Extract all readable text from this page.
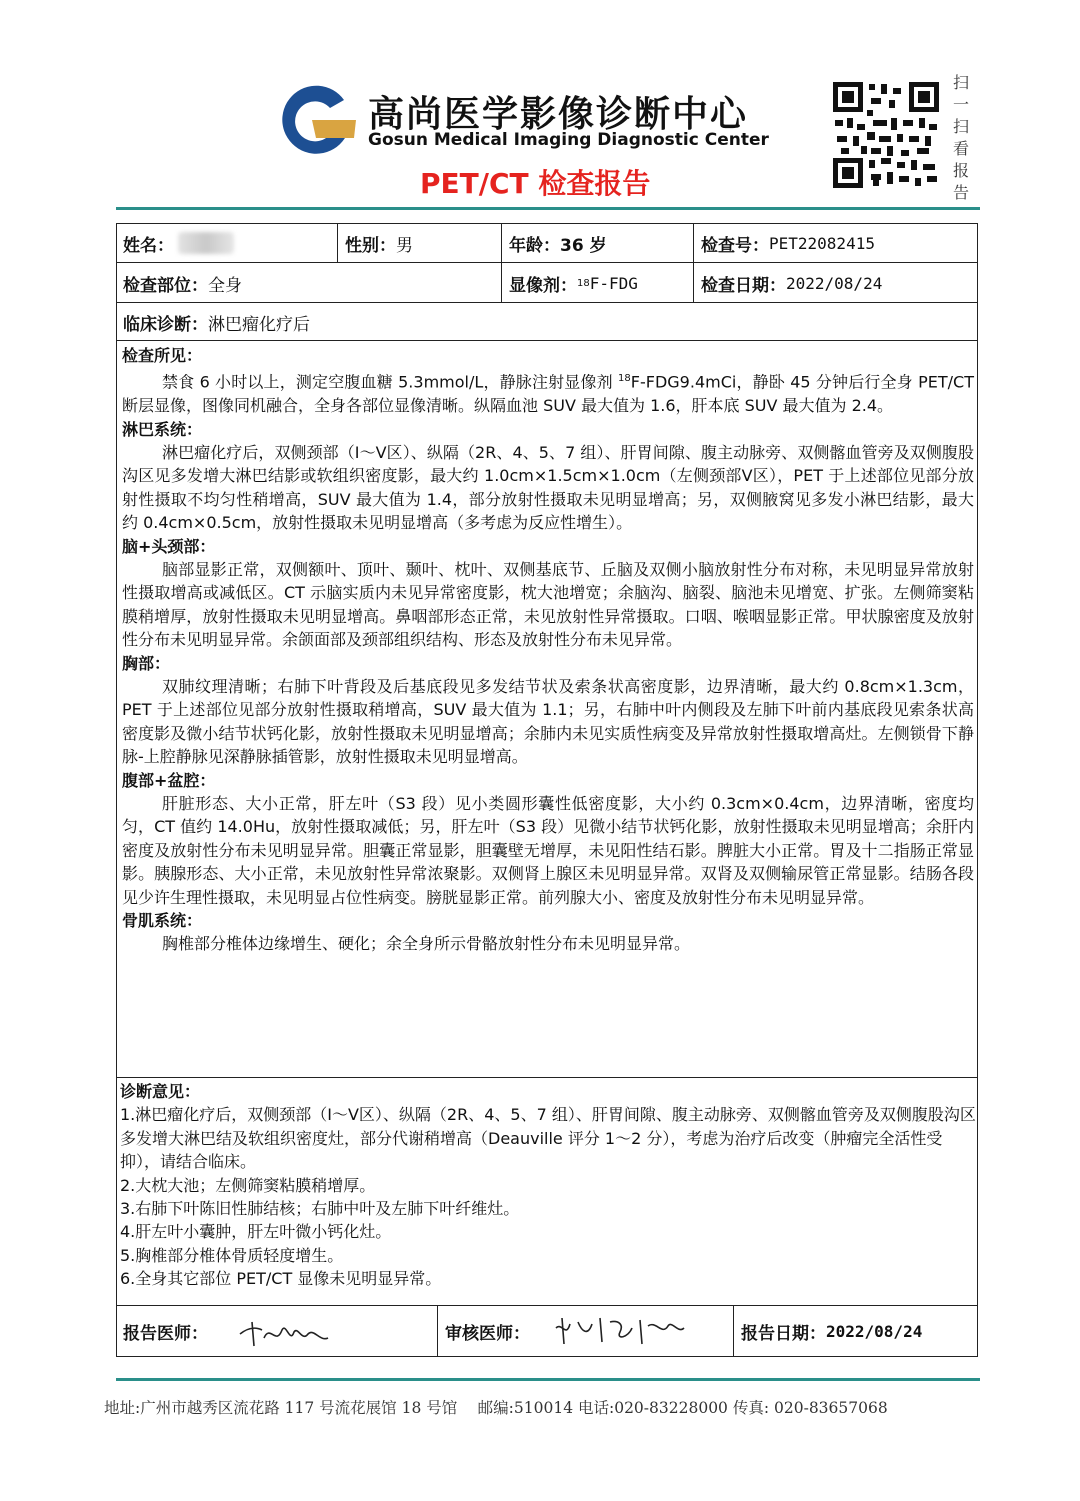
高尚医学影像诊断中心
Gosun Medical Imaging Diagnostic Center
PET/CT 检查报告
扫
一
扫
看
报
告
姓名：	性别： 男	年龄： 36 岁	检查号： PET22082415
检查部位： 全身	显像剂： 18 F-FDG	检查日期： 2022/08/24
临床诊断： 淋巴瘤化疗后
检查所见：

禁食 6 小时以上，测定空腹血糖 5.3mmol/L，静脉注射显像剂 $^{18}$F-FDG9.4mCi，静卧 45 分钟后行全身 PET/CT 断层显像，图像同机融合，全身各部位显像清晰。纵隔血池 SUV 最大值为 1.6，肝本底 SUV 最大值为 2.4。

淋巴系统：

淋巴瘤化疗后，双侧颈部（Ⅰ～Ⅴ区）、纵隔（2R、4、5、7 组）、肝胃间隙、腹主动脉旁、双侧髂血管旁及双侧腹股沟区见多发增大淋巴结影或软组织密度影，最大约 1.0cm×1.5cm×1.0cm（左侧颈部Ⅴ区），PET 于上述部位见部分放射性摄取不均匀性稍增高，SUV 最大值为 1.4，部分放射性摄取未见明显增高；另，双侧腋窝见多发小淋巴结影，最大约 0.4cm×0.5cm，放射性摄取未见明显增高（多考虑为反应性增生）。

脑+头颈部：

脑部显影正常，双侧额叶、顶叶、颞叶、枕叶、双侧基底节、丘脑及双侧小脑放射性分布对称，未见明显异常放射性摄取增高或减低区。CT 示脑实质内未见异常密度影，枕大池增宽；余脑沟、脑裂、脑池未见增宽、扩张。左侧筛窦粘膜稍增厚，放射性摄取未见明显增高。鼻咽部形态正常，未见放射性异常摄取。口咽、喉咽显影正常。甲状腺密度及放射性分布未见明显异常。余颌面部及颈部组织结构、形态及放射性分布未见异常。

胸部：

双肺纹理清晰；右肺下叶背段及后基底段见多发结节状及索条状高密度影，边界清晰，最大约 0.8cm×1.3cm，PET 于上述部位见部分放射性摄取稍增高，SUV 最大值为 1.1；另，右肺中叶内侧段及左肺下叶前内基底段见索条状高密度影及微小结节状钙化影，放射性摄取未见明显增高；余肺内未见实质性病变及异常放射性摄取增高灶。左侧锁骨下静脉-上腔静脉见深静脉插管影，放射性摄取未见明显增高。

腹部+盆腔：

肝脏形态、大小正常，肝左叶（S3 段）见小类圆形囊性低密度影，大小约 0.3cm×0.4cm，边界清晰，密度均匀，CT 值约 14.0Hu，放射性摄取减低；另，肝左叶（S3 段）见微小结节状钙化影，放射性摄取未见明显增高；余肝内密度及放射性分布未见明显异常。胆囊正常显影，胆囊壁无增厚，未见阳性结石影。脾脏大小正常。胃及十二指肠正常显影。胰腺形态、大小正常，未见放射性异常浓聚影。双侧肾上腺区未见明显异常。双肾及双侧输尿管正常显影。结肠各段见少许生理性摄取，未见明显占位性病变。膀胱显影正常。前列腺大小、密度及放射性分布未见明显异常。

骨肌系统：

胸椎部分椎体边缘增生、硬化；余全身所示骨骼放射性分布未见明显异常。

诊断意见：
1.淋巴瘤化疗后，双侧颈部（Ⅰ～Ⅴ区）、纵隔（2R、4、5、7 组）、肝胃间隙、腹主动脉旁、双侧髂血管旁及双侧腹股沟区多发增大淋巴结及软组织密度灶，部分代谢稍增高（Deauville 评分 1～2 分），考虑为治疗后改变（肿瘤完全活性受抑），请结合临床。
2.大枕大池；左侧筛窦粘膜稍增厚。
3.右肺下叶陈旧性肺结核；右肺中叶及左肺下叶纤维灶。
4.肝左叶小囊肿，肝左叶微小钙化灶。
5.胸椎部分椎体骨质轻度增生。
6.全身其它部位 PET/CT 显像未见明显异常。
报告医师：	审核医师：	报告日期： 2022/08/24
地址:广州市越秀区流花路 117 号流花展馆 18 号馆　 邮编:510014 电话:020-83228000 传真: 020-83657068
